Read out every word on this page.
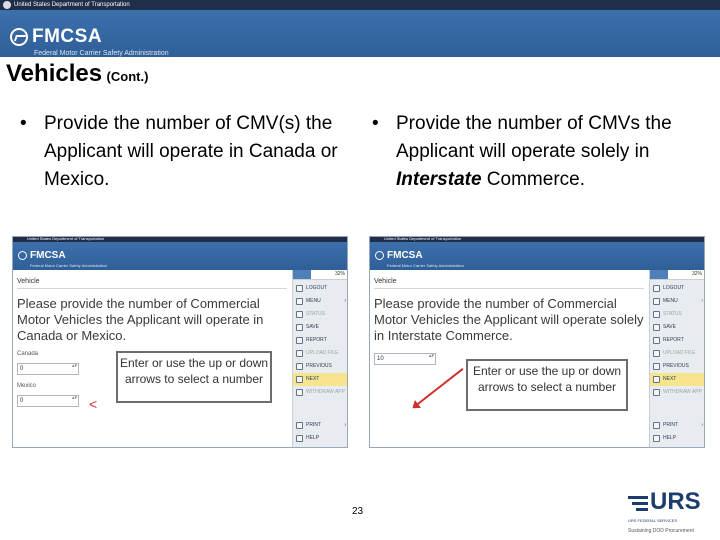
United States Department of Transportation
FMCSA
Federal Motor Carrier Safety Administration
Vehicles (Cont.)
• Provide the number of CMV(s) the Applicant will operate in Canada or Mexico.
• Provide the number of CMVs the Applicant will operate solely in Interstate Commerce.
United States Department of Transportation
FMCSA
Federal Motor Carrier Safety Administration
Vehicle
Please provide the number of Commercial Motor Vehicles the Applicant will operate in Canada or Mexico.
Canada
0 ▴▾
Mexico
0 ▴▾	<
Enter or use the up or down arrows to select a number
32%
LOGOUT
MENU	›
STATUS
SAVE
REPORT
UPLOAD FILE
PREVIOUS
NEXT
WITHDRAW APP
PRINT	›
HELP
United States Department of Transportation
FMCSA
Federal Motor Carrier Safety Administration
Vehicle
Please provide the number of Commercial Motor Vehicles the Applicant will operate solely in Interstate Commerce.
10 ▴▾
Enter or use the up or down arrows to select a number
32%
LOGOUT
MENU	›
STATUS
SAVE
REPORT
UPLOAD FILE
PREVIOUS
NEXT
WITHDRAW APP
PRINT	›
HELP
23	URS
URS FEDERAL SERVICES
Sustaining DOD Procurement
